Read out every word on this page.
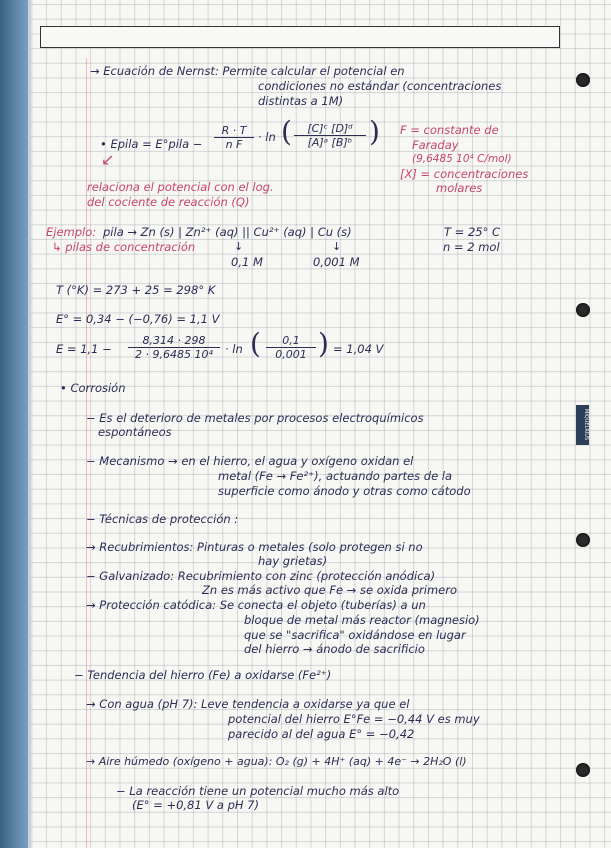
MIQUELRIUS
→ Ecuación de Nernst: Permite calcular el potencial en
condiciones no estándar (concentraciones
distintas a 1M)
• Epila = E°pila − $\frac{R \cdot T}{\text{n F}} \cdot \ln$ ( $\frac{\text{[C]ᶜ [D]ᵈ}}{\text{[A]ᵃ [B]ᵇ}}$ ) F = constante de
Faraday
(9,6485 10⁴ C/mol)
[X] = concentraciones
molares
↙
relaciona el potencial con el log.
del cociente de reacción (Q)
Ejemplo: pila → Zn (s) | Zn²⁺ (aq) || Cu²⁺ (aq) | Cu (s)	T = 25° C
↳ pilas de concentración	n = 2 mol
↓	↓
0,1 M	0,001 M
T (°K) = 273 + 25 = 298° K
E° = 0,34 − (−0,76) = 1,1 V
$E = 1,1 - \frac{8,314 \cdot 298}{\text{2 · 9,6485 10⁴}} \cdot \ln$ ( $\frac{0,1}{0,001}$ ) = 1,04 V
• Corrosión
− Es el deterioro de metales por procesos electroquímicos
espontáneos
− Mecanismo → en el hierro, el agua y oxígeno oxidan el
metal (Fe → Fe²⁺), actuando partes de la
superficie como ánodo y otras como cátodo
− Técnicas de protección :
→ Recubrimientos: Pinturas o metales (solo protegen si no
hay grietas)
− Galvanizado: Recubrimiento con zinc (protección anódica)
Zn es más activo que Fe → se oxida primero
→ Protección catódica: Se conecta el objeto (tuberías) a un
bloque de metal más reactor (magnesio)
que se "sacrifica" oxidándose en lugar
del hierro → ánodo de sacrificio
− Tendencia del hierro (Fe) a oxidarse (Fe²⁺)
→ Con agua (pH 7): Leve tendencia a oxidarse ya que el
potencial del hierro E°Fe = −0,44 V es muy
parecido al del agua E° = −0,42
→ Aire húmedo (oxígeno + agua): O₂ (g) + 4H⁺ (aq) + 4e⁻ → 2H₂O (l)
− La reacción tiene un potencial mucho más alto
(E° = +0,81 V a pH 7)
